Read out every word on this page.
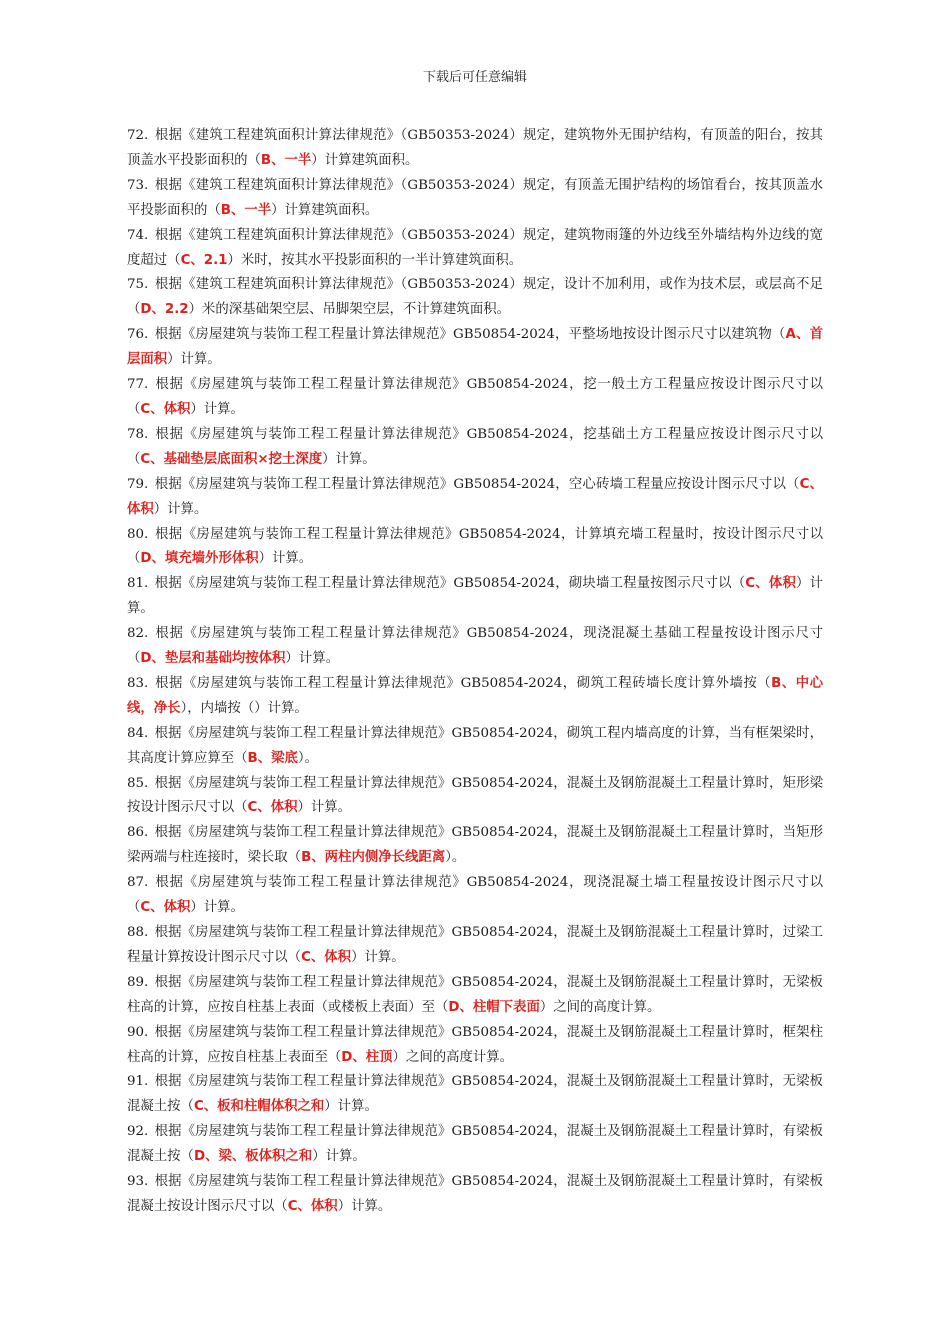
下载后可任意编辑

72. 根据《建筑工程建筑面积计算法律规范》（GB50353-2024）规定，建筑物外无围护结构，有顶盖的阳台，按其顶盖水平投影面积的（B、一半）计算建筑面积。

73. 根据《建筑工程建筑面积计算法律规范》（GB50353-2024）规定，有顶盖无围护结构的场馆看台，按其顶盖水平投影面积的（B、一半）计算建筑面积。

74. 根据《建筑工程建筑面积计算法律规范》（GB50353-2024）规定，建筑物雨篷的外边线至外墙结构外边线的宽度超过（C、2.1）米时，按其水平投影面积的一半计算建筑面积。

75. 根据《建筑工程建筑面积计算法律规范》（GB50353-2024）规定，设计不加利用，或作为技术层，或层高不足（D、2.2）米的深基础架空层、吊脚架空层，不计算建筑面积。

76. 根据《房屋建筑与装饰工程工程量计算法律规范》GB50854-2024，平整场地按设计图示尺寸以建筑物（A、首层面积）计算。

77. 根据《房屋建筑与装饰工程工程量计算法律规范》GB50854-2024，挖一般土方工程量应按设计图示尺寸以（C、体积）计算。

78. 根据《房屋建筑与装饰工程工程量计算法律规范》GB50854-2024，挖基础土方工程量应按设计图示尺寸以（C、基础垫层底面积×挖土深度）计算。

79. 根据《房屋建筑与装饰工程工程量计算法律规范》GB50854-2024，空心砖墙工程量应按设计图示尺寸以（C、体积）计算。

80. 根据《房屋建筑与装饰工程工程量计算法律规范》GB50854-2024，计算填充墙工程量时，按设计图示尺寸以（D、填充墙外形体积）计算。

81. 根据《房屋建筑与装饰工程工程量计算法律规范》GB50854-2024，砌块墙工程量按图示尺寸以（C、体积）计算。

82. 根据《房屋建筑与装饰工程工程量计算法律规范》GB50854-2024，现浇混凝土基础工程量按设计图示尺寸（D、垫层和基础均按体积）计算。

83. 根据《房屋建筑与装饰工程工程量计算法律规范》GB50854-2024，砌筑工程砖墙长度计算外墙按（B、中心线，净长），内墙按（）计算。

84. 根据《房屋建筑与装饰工程工程量计算法律规范》GB50854-2024，砌筑工程内墙高度的计算，当有框架梁时，其高度计算应算至（B、梁底）。

85. 根据《房屋建筑与装饰工程工程量计算法律规范》GB50854-2024，混凝土及钢筋混凝土工程量计算时，矩形梁按设计图示尺寸以（C、体积）计算。

86. 根据《房屋建筑与装饰工程工程量计算法律规范》GB50854-2024，混凝土及钢筋混凝土工程量计算时，当矩形梁两端与柱连接时，梁长取（B、两柱内侧净长线距离）。

87. 根据《房屋建筑与装饰工程工程量计算法律规范》GB50854-2024，现浇混凝土墙工程量按设计图示尺寸以（C、体积）计算。

88. 根据《房屋建筑与装饰工程工程量计算法律规范》GB50854-2024，混凝土及钢筋混凝土工程量计算时，过梁工程量计算按设计图示尺寸以（C、体积）计算。

89. 根据《房屋建筑与装饰工程工程量计算法律规范》GB50854-2024，混凝土及钢筋混凝土工程量计算时，无梁板柱高的计算，应按自柱基上表面（或楼板上表面）至（D、柱帽下表面）之间的高度计算。

90. 根据《房屋建筑与装饰工程工程量计算法律规范》GB50854-2024，混凝土及钢筋混凝土工程量计算时，框架柱柱高的计算，应按自柱基上表面至（D、柱顶）之间的高度计算。

91. 根据《房屋建筑与装饰工程工程量计算法律规范》GB50854-2024，混凝土及钢筋混凝土工程量计算时，无梁板混凝土按（C、板和柱帽体积之和）计算。

92. 根据《房屋建筑与装饰工程工程量计算法律规范》GB50854-2024，混凝土及钢筋混凝土工程量计算时，有梁板混凝土按（D、梁、板体积之和）计算。

93. 根据《房屋建筑与装饰工程工程量计算法律规范》GB50854-2024，混凝土及钢筋混凝土工程量计算时，有梁板混凝土按设计图示尺寸以（C、体积）计算。
